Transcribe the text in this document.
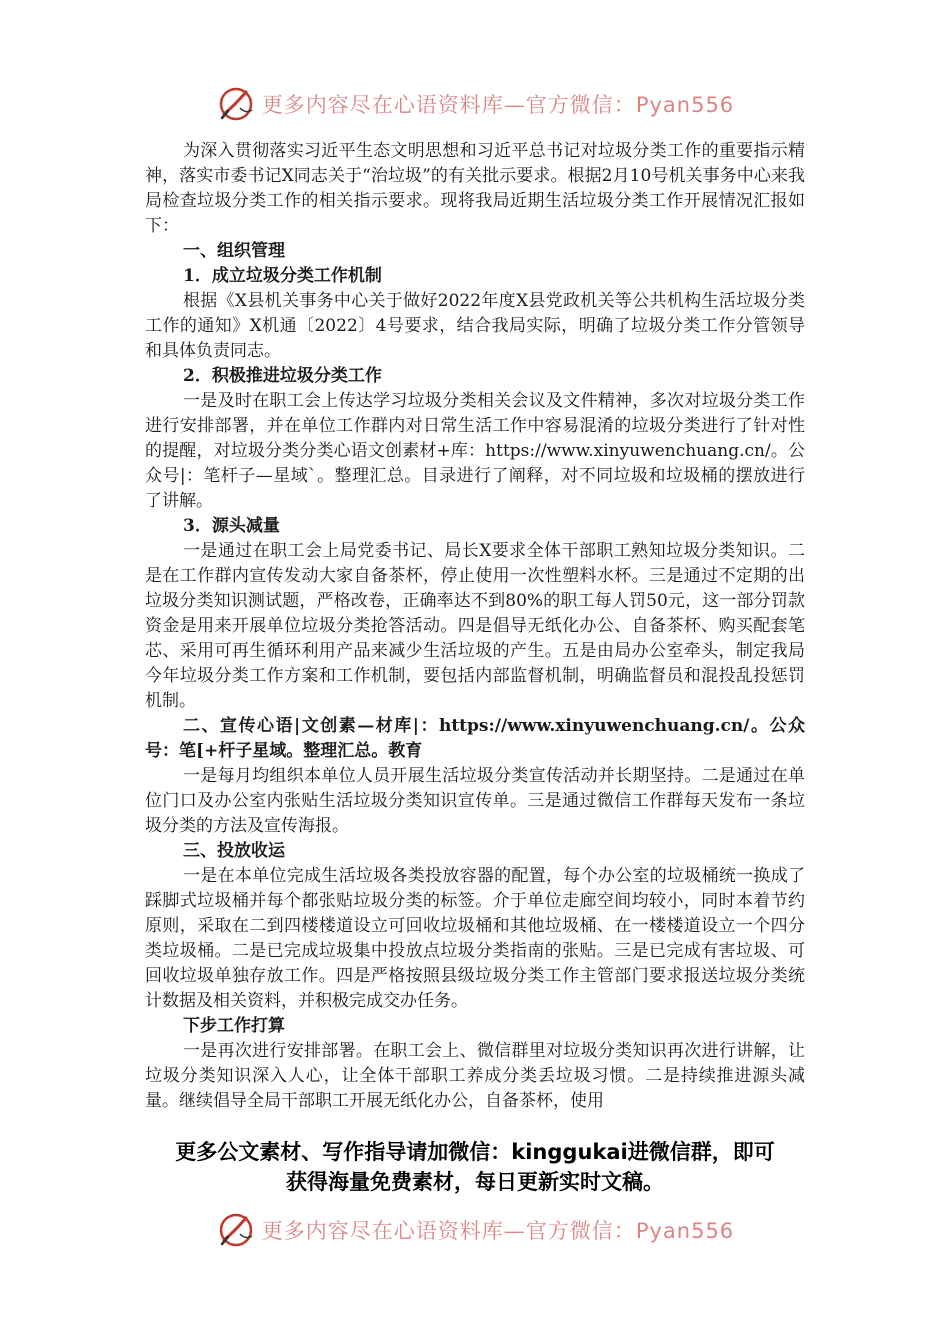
更多内容尽在心语资料库—官方微信：Pyan556

为深入贯彻落实习近平生态文明思想和习近平总书记对垃圾分类工作的重要指示精神，落实市委书记X同志关于“治垃圾”的有关批示要求。根据2月10号机关事务中心来我局检查垃圾分类工作的相关指示要求。现将我局近期生活垃圾分类工作开展情况汇报如下：

一、组织管理

1．成立垃圾分类工作机制

根据《X县机关事务中心关于做好2022年度X县党政机关等公共机构生活垃圾分类工作的通知》X机通〔2022〕4号要求，结合我局实际，明确了垃圾分类工作分管领导和具体负责同志。

2．积极推进垃圾分类工作

一是及时在职工会上传达学习垃圾分类相关会议及文件精神，多次对垃圾分类工作进行安排部署，并在单位工作群内对日常生活工作中容易混淆的垃圾分类进行了针对性的提醒，对垃圾分类分类心语文创素材+库：https://www.xinyuwenchuang.cn/。公众号|：笔杆子—星域`。整理汇总。目录进行了阐释，对不同垃圾和垃圾桶的摆放进行了讲解。

3．源头减量

一是通过在职工会上局党委书记、局长X要求全体干部职工熟知垃圾分类知识。二是在工作群内宣传发动大家自备茶杯，停止使用一次性塑料水杯。三是通过不定期的出垃圾分类知识测试题，严格改卷，正确率达不到80%的职工每人罚50元，这一部分罚款资金是用来开展单位垃圾分类抢答活动。四是倡导无纸化办公、自备茶杯、购买配套笔芯、采用可再生循环利用产品来减少生活垃圾的产生。五是由局办公室牵头，制定我局今年垃圾分类工作方案和工作机制，要包括内部监督机制，明确监督员和混投乱投惩罚机制。

二、宣传心语|文创素—材库|：https://www.xinyuwenchuang.cn/。公众号：笔[+杆子星域。整理汇总。教育

一是每月均组织本单位人员开展生活垃圾分类宣传活动并长期坚持。二是通过在单位门口及办公室内张贴生活垃圾分类知识宣传单。三是通过微信工作群每天发布一条垃圾分类的方法及宣传海报。

三、投放收运

一是在本单位完成生活垃圾各类投放容器的配置，每个办公室的垃圾桶统一换成了踩脚式垃圾桶并每个都张贴垃圾分类的标签。介于单位走廊空间均较小，同时本着节约原则，采取在二到四楼楼道设立可回收垃圾桶和其他垃圾桶、在一楼楼道设立一个四分类垃圾桶。二是已完成垃圾集中投放点垃圾分类指南的张贴。三是已完成有害垃圾、可回收垃圾单独存放工作。四是严格按照县级垃圾分类工作主管部门要求报送垃圾分类统计数据及相关资料，并积极完成交办任务。

下步工作打算

一是再次进行安排部署。在职工会上、微信群里对垃圾分类知识再次进行讲解，让垃圾分类知识深入人心，让全体干部职工养成分类丢垃圾习惯。二是持续推进源头减量。继续倡导全局干部职工开展无纸化办公，自备茶杯，使用

更多公文素材、写作指导请加微信：kinggukai进微信群，即可
获得海量免费素材，每日更新实时文稿。
更多内容尽在心语资料库—官方微信：Pyan556
